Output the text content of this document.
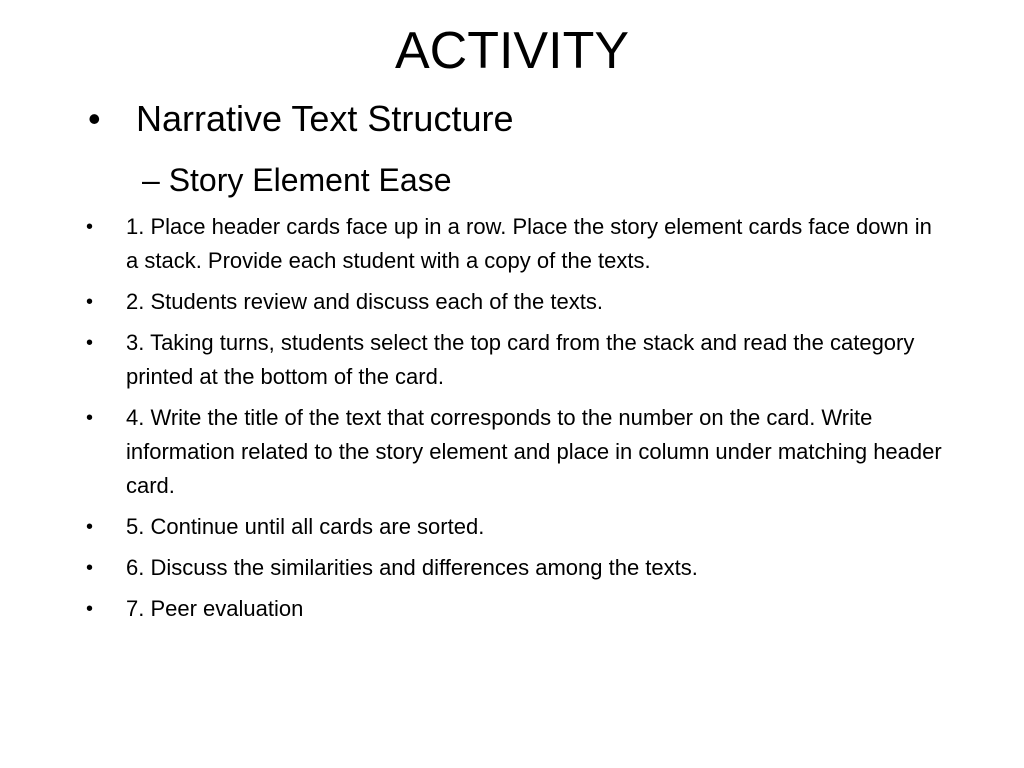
ACTIVITY
• Narrative Text Structure
– Story Element Ease
• 1. Place header cards face up in a row. Place the story element cards face down in a stack. Provide each student with a copy of the texts.
• 2. Students review and discuss each of the texts.
• 3. Taking turns, students select the top card from the stack and read the category printed at the bottom of the card.
• 4. Write the title of the text that corresponds to the number on the card. Write information related to the story element and place in column under matching header card.
• 5. Continue until all cards are sorted.
• 6. Discuss the similarities and differences among the texts.
• 7. Peer evaluation
